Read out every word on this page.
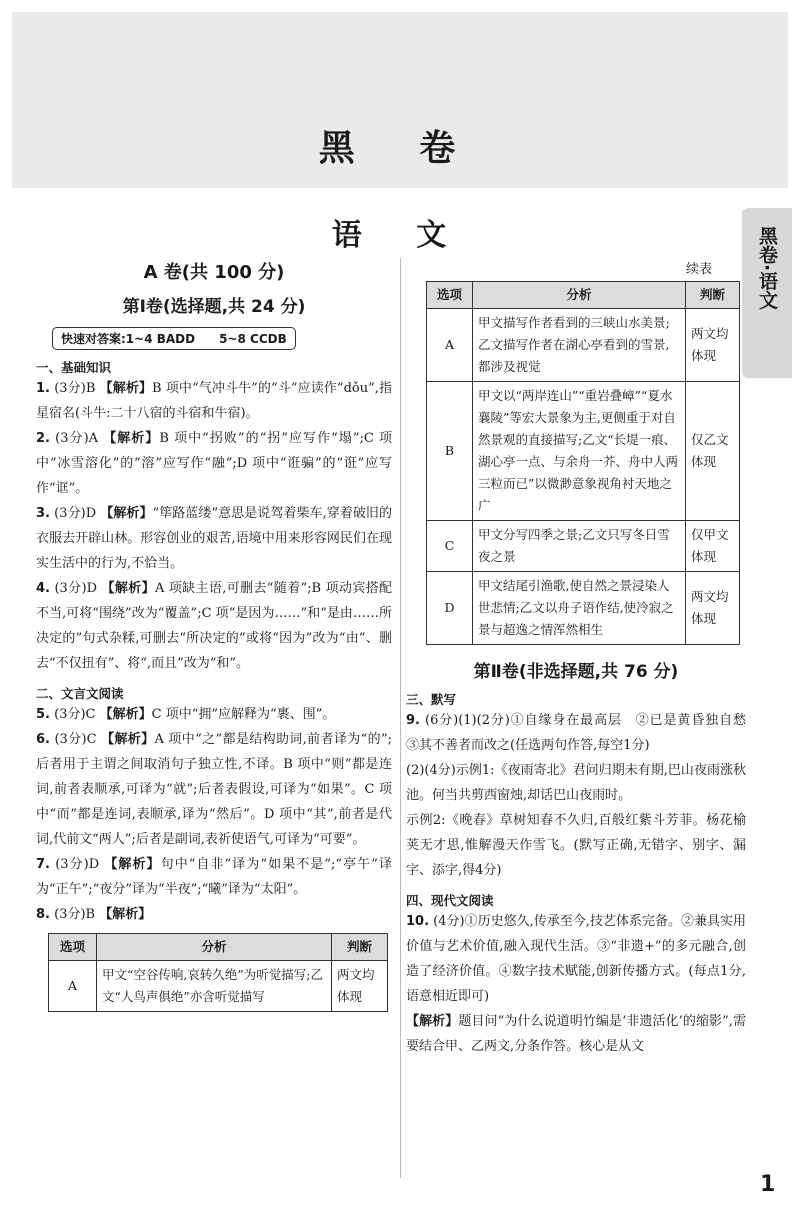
黑 卷
黑卷·语文
语 文
A 卷(共 100 分)
第Ⅰ卷(选择题,共 24 分)
快速对答案:1~4 BADD　　5~8 CCDB
一、基础知识
1. (3分)B 【解析】B 项中“气冲斗牛”的“斗”应读作“dǒu”,指星宿名(斗牛:二十八宿的斗宿和牛宿)。
2. (3分)A 【解析】B 项中“拐败”的“拐”应写作“塌”;C 项中“冰雪溶化”的“溶”应写作“融”;D 项中“诳骗”的“诳”应写作“诓”。
3. (3分)D 【解析】“筚路蓝缕”意思是说驾着柴车,穿着破旧的衣服去开辟山林。形容创业的艰苦,语境中用来形容网民们在现实生活中的行为,不恰当。
4. (3分)D 【解析】A 项缺主语,可删去“随着”;B 项动宾搭配不当,可将“围绕”改为“覆盖”;C 项“是因为……”和“是由……所决定的”句式杂糅,可删去“所决定的”或将“因为”改为“由”、删去“不仅扭有”、将“,而且”改为“和”。
二、文言文阅读
5. (3分)C 【解析】C 项中“拥”应解释为“裹、围”。
6. (3分)C 【解析】A 项中“之”都是结构助词,前者译为“的”;后者用于主谓之间取消句子独立性,不译。B 项中“则”都是连词,前者表顺承,可译为“就”;后者表假设,可译为“如果”。C 项中“而”都是连词,表顺承,译为“然后”。D 项中“其”,前者是代词,代前文“两人”;后者是副词,表祈使语气,可译为“可要”。
7. (3分)D 【解析】句中“自非”译为“如果不是”;“亭午”译为“正午”;“夜分”译为“半夜”;“曦”译为“太阳”。
8. (3分)B 【解析】
选项	分析	判断
A	甲文“空谷传响,哀转久绝”为听觉描写;乙文“人鸟声俱绝”亦含听觉描写	两文均体现
续表
选项	分析	判断
A	甲文描写作者看到的三峡山水美景;乙文描写作者在湖心亭看到的雪景,都涉及视觉	两文均体现
B	甲文以“两岸连山”“重岩叠嶂”“夏水襄陵”等宏大景象为主,更侧重于对自然景观的直接描写;乙文“长堤一痕、湖心亭一点、与余舟一芥、舟中人两三粒而已”以微渺意象视角衬天地之广	仅乙文体现
C	甲文分写四季之景;乙文只写冬日雪夜之景	仅甲文体现
D	甲文结尾引渔歌,使自然之景浸染人世悲情;乙文以舟子语作结,使冷寂之景与超逸之情浑然相生	两文均体现
第Ⅱ卷(非选择题,共 76 分)
三、默写
9. (6分)(1)(2分)①自缘身在最高层　②已是黄昏独自愁　③其不善者而改之(任选两句作答,每空1分)
(2)(4分)示例1:《夜雨寄北》君问归期未有期,巴山夜雨涨秋池。何当共剪西窗烛,却话巴山夜雨时。
示例2:《晚春》草树知春不久归,百般红紫斗芳菲。杨花榆荚无才思,惟解漫天作雪飞。(默写正确,无错字、别字、漏字、添字,得4分)
四、现代文阅读
10. (4分)①历史悠久,传承至今,技艺体系完备。②兼具实用价值与艺术价值,融入现代生活。③“非遗+”的多元融合,创造了经济价值。④数字技术赋能,创新传播方式。(每点1分,语意相近即可)
【解析】题目问“为什么说道明竹编是‘非遗活化’的缩影”,需要结合甲、乙两文,分条作答。核心是从文
1
